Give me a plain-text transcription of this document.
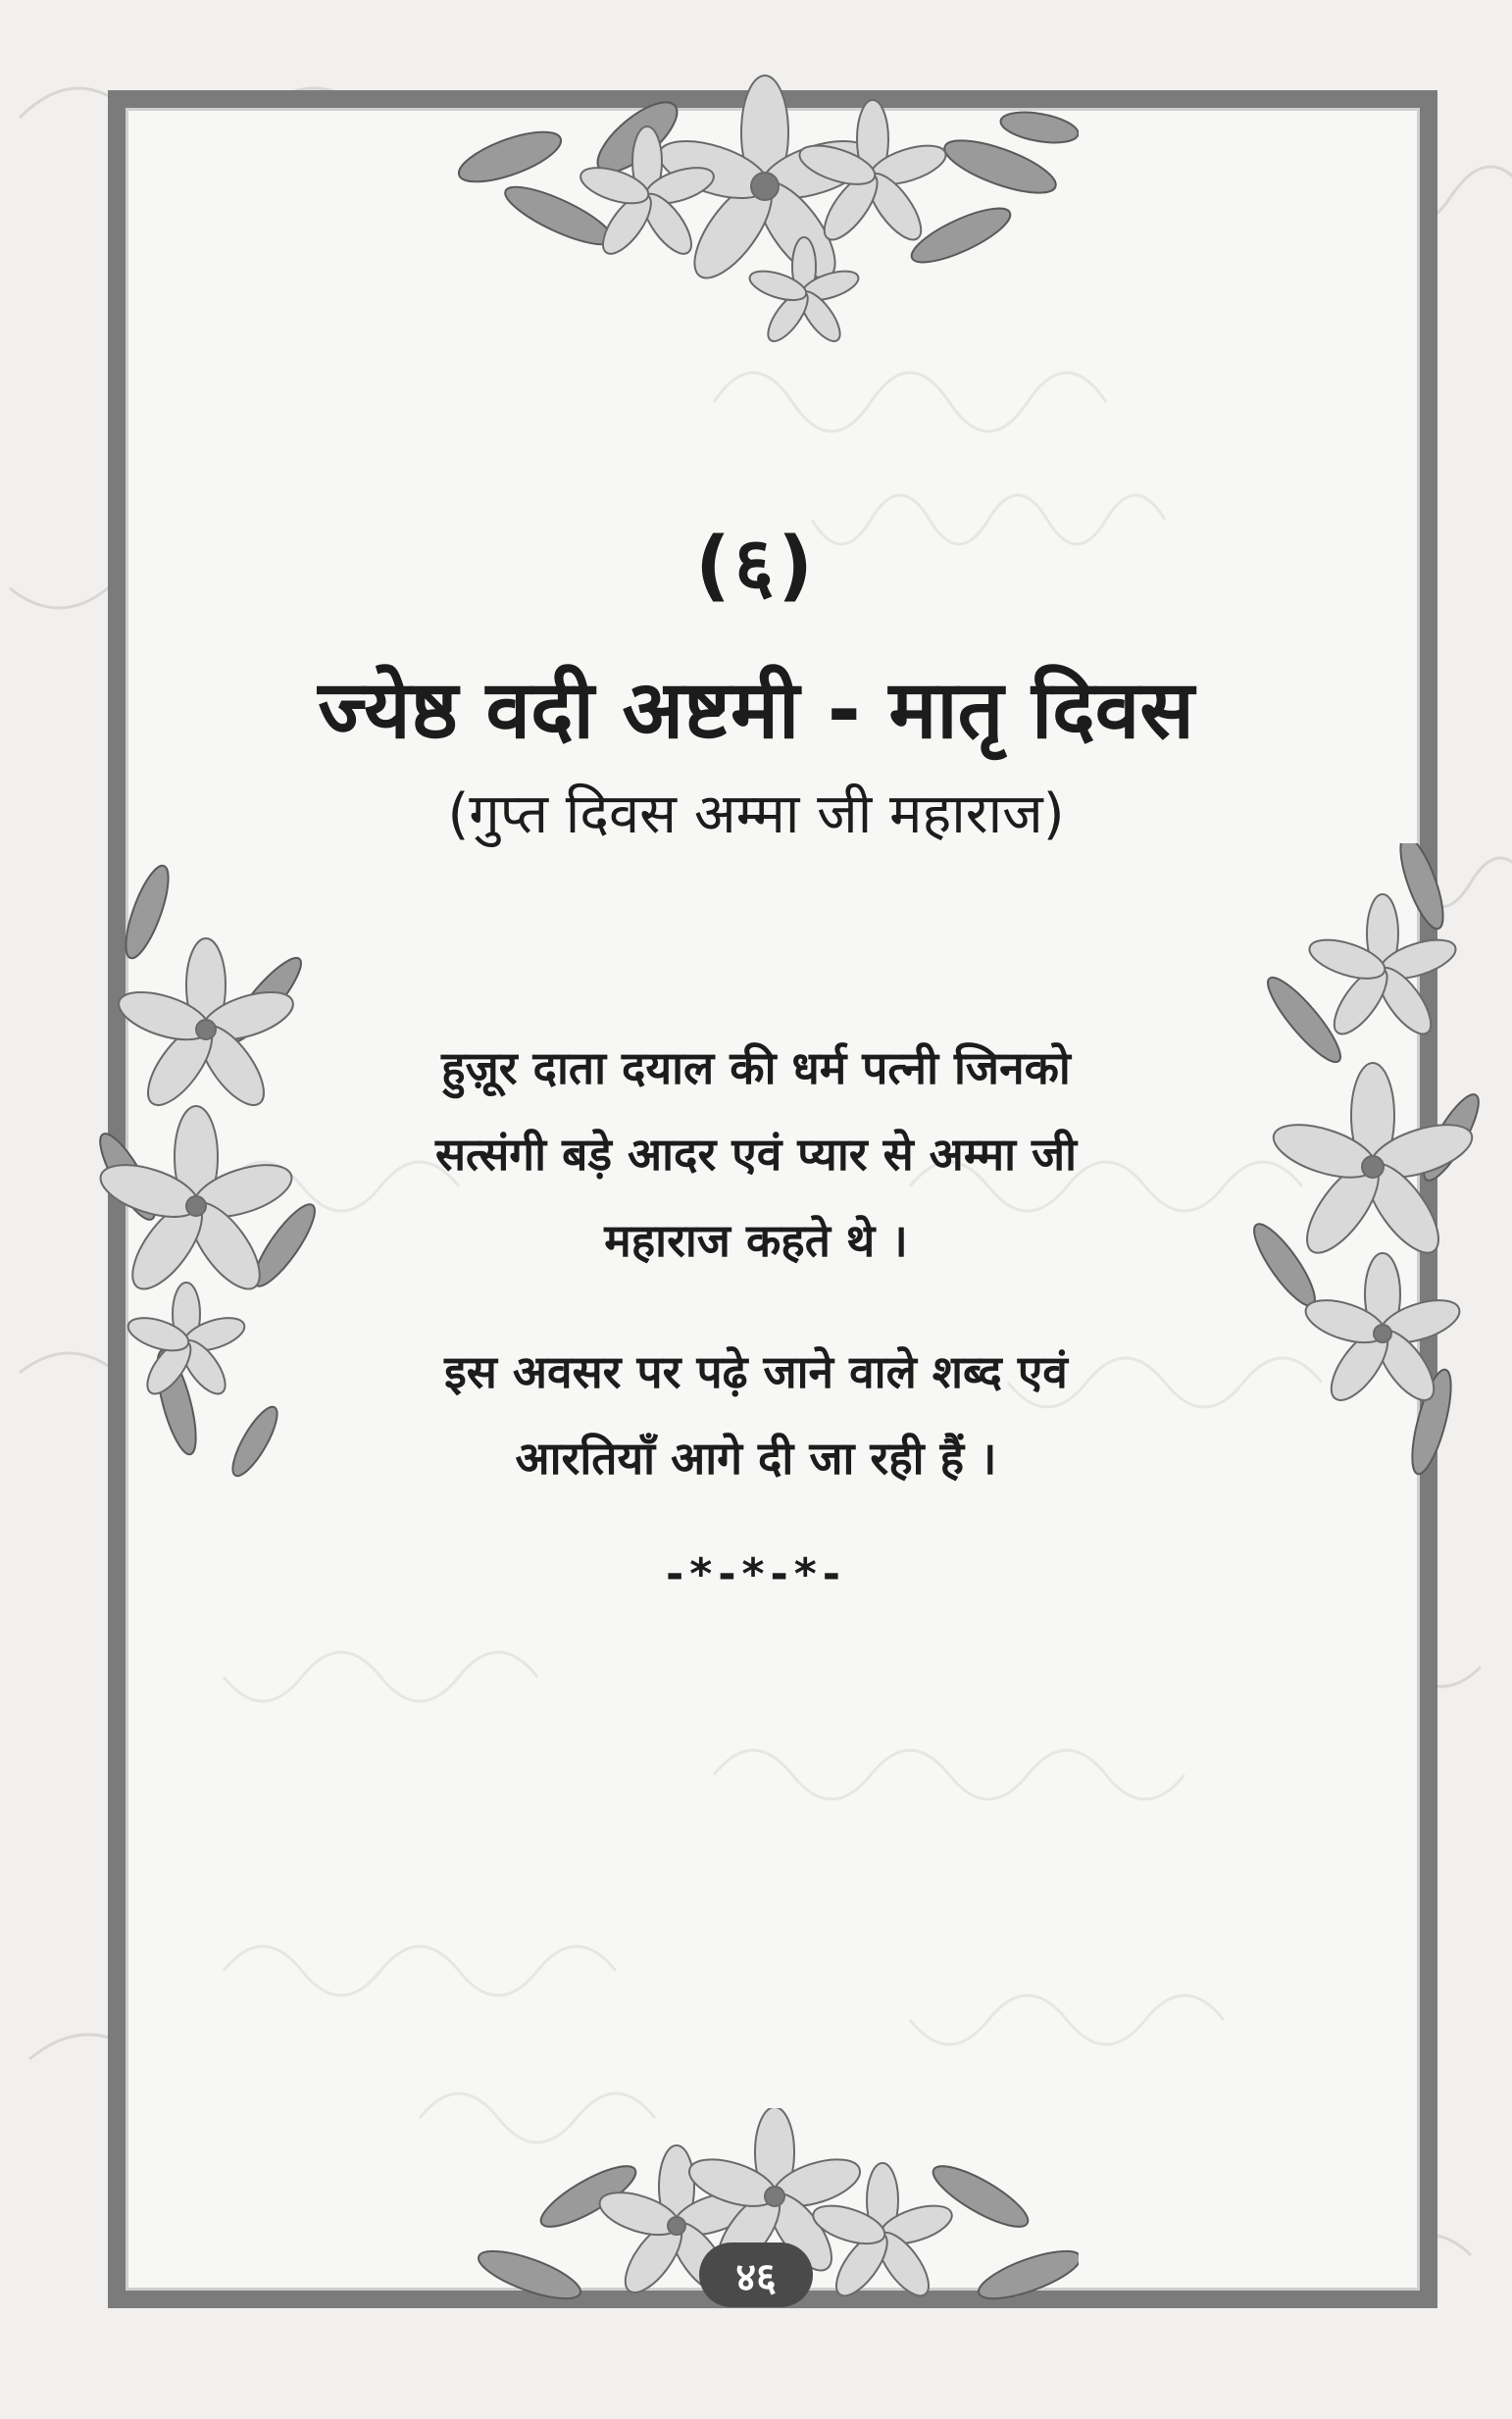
(६)
ज्येष्ठ वदी अष्टमी - मातृ दिवस
(गुप्त दिवस अम्मा जी महाराज)
हुज़ूर दाता दयाल की धर्म पत्नी जिनको
सत्संगी बड़े आदर एवं प्यार से अम्मा जी
महाराज कहते थे ।
इस अवसर पर पढ़े जाने वाले शब्द एवं
आरतियाँ आगे दी जा रही हैं ।
-*-*-*-
४६
